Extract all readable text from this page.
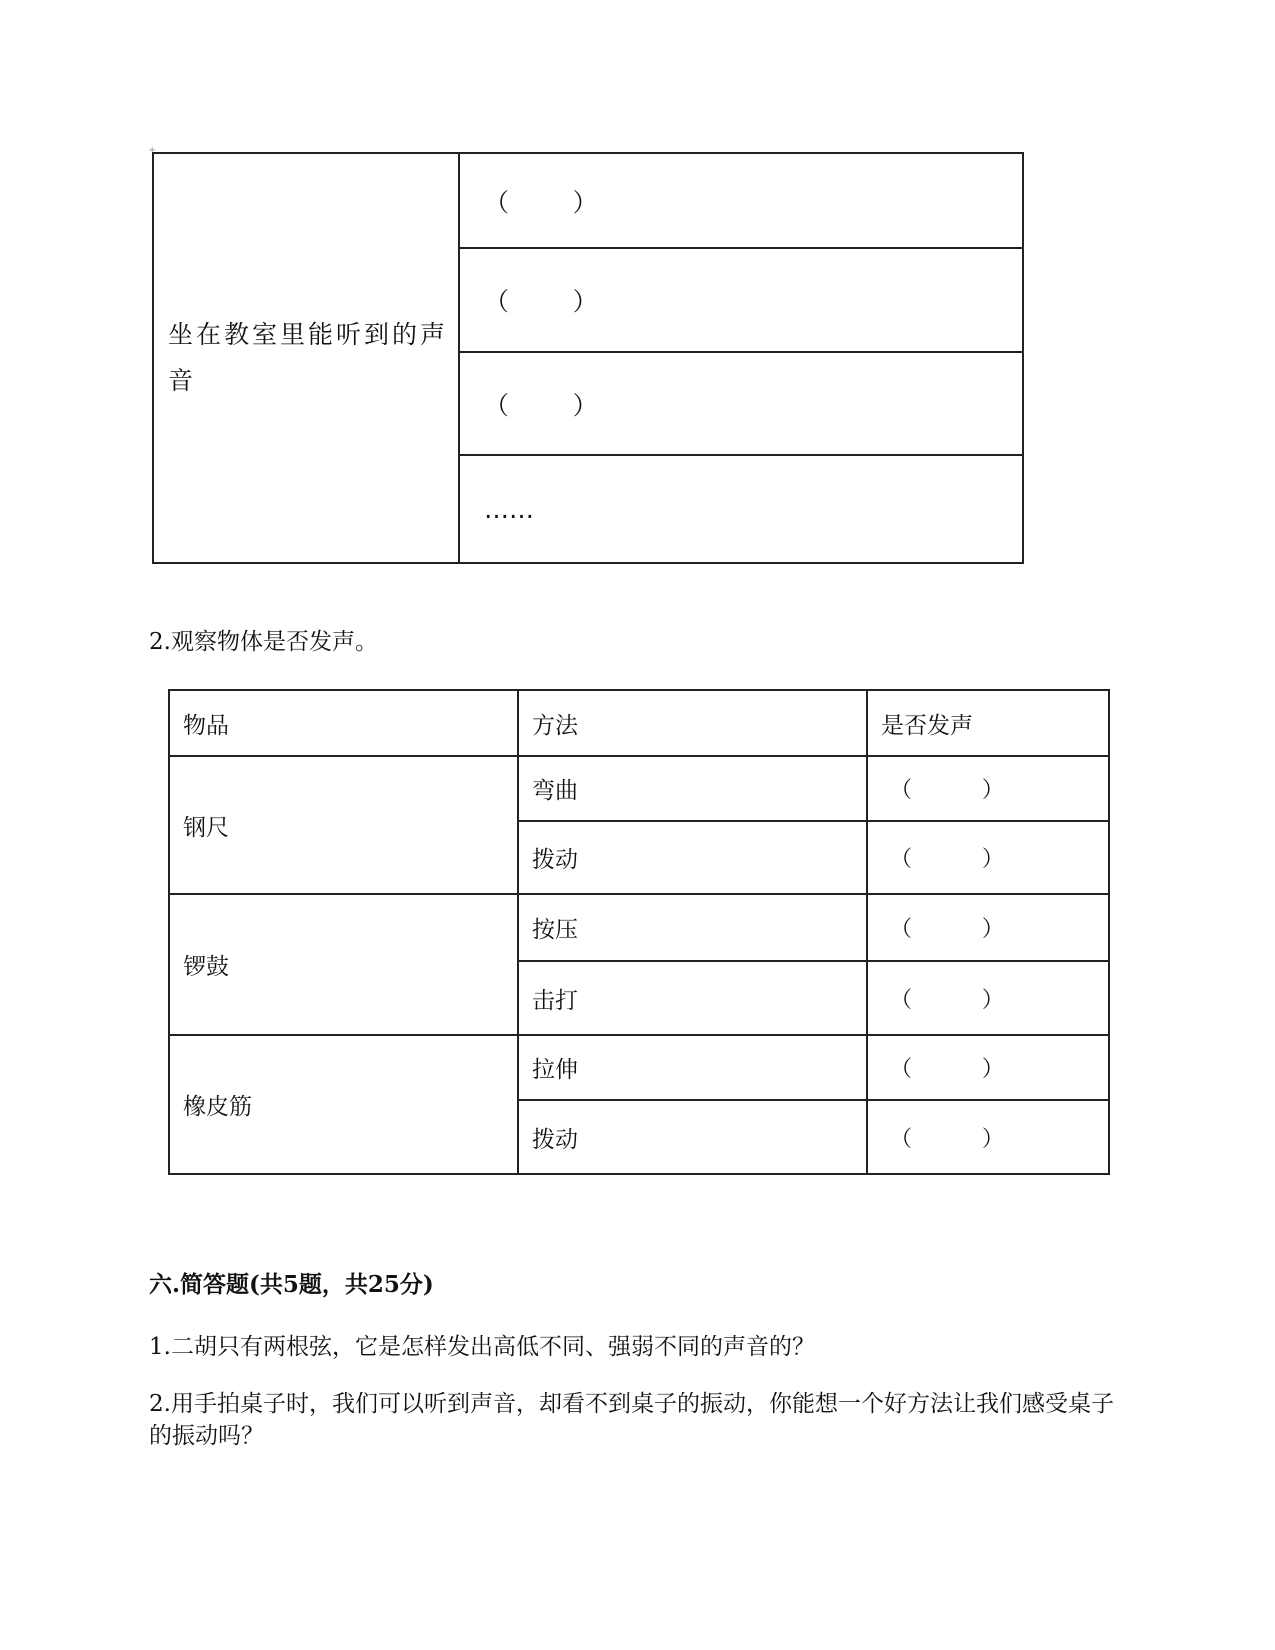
+
坐在教室里能听到的声音	（        ）
（        ）
（        ）
……
2.观察物体是否发声。
物品	方法	是否发声
钢尺	弯曲	（          ）
	拨动	（          ）
锣鼓	按压	（          ）
	击打	（          ）
橡皮筋	拉伸	（          ）
	拨动	（          ）
六.简答题(共5题，共25分)
1.二胡只有两根弦，它是怎样发出高低不同、强弱不同的声音的？
2.用手拍桌子时，我们可以听到声音，却看不到桌子的振动，你能想一个好方法让我们感受桌子的振动吗？
